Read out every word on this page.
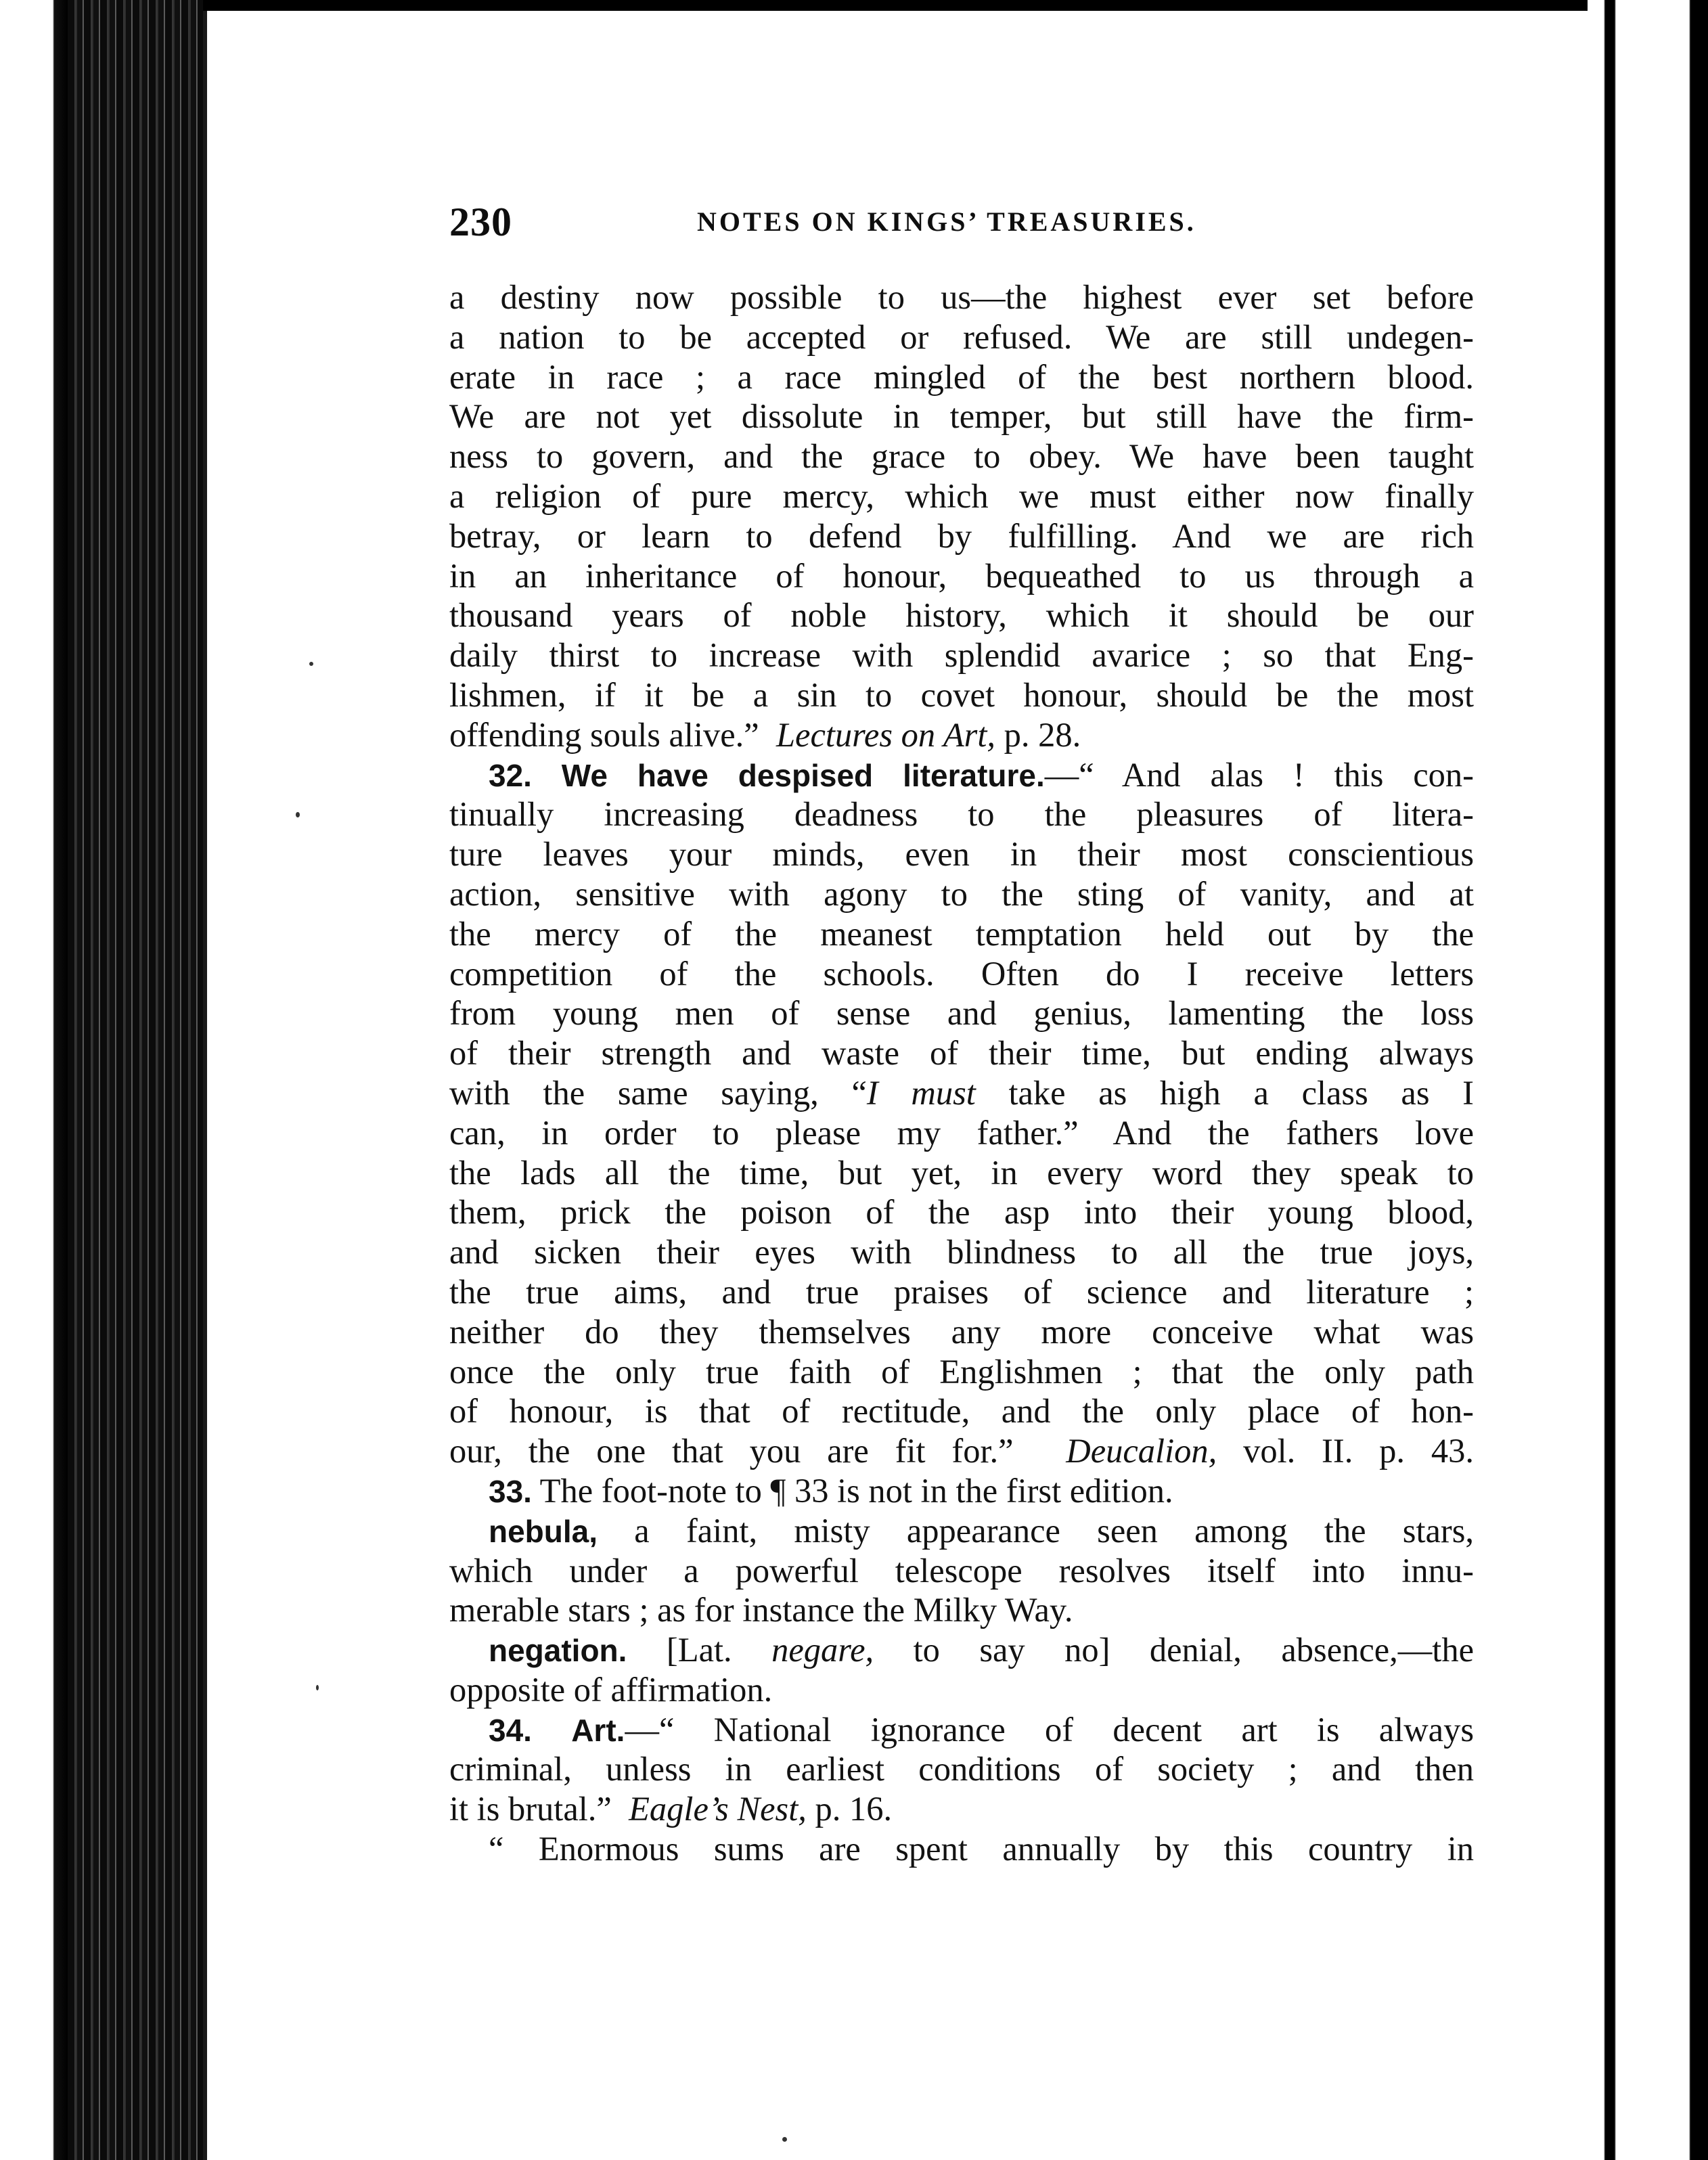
230	NOTES ON KINGS’ TREASURIES.
a destiny now possible to us—the highest ever set before
a nation to be accepted or refused. We are still undegen-
erate in race ; a race mingled of the best northern blood.
We are not yet dissolute in temper, but still have the firm-
ness to govern, and the grace to obey. We have been taught
a religion of pure mercy, which we must either now finally
betray, or learn to defend by fulfilling. And we are rich
in an inheritance of honour, bequeathed to us through a
thousand years of noble history, which it should be our
daily thirst to increase with splendid avarice ; so that Eng-
lishmen, if it be a sin to covet honour, should be the most
offending souls alive.” Lectures on Art, p. 28.
32. We have despised literature.—“ And alas ! this con-
tinually increasing deadness to the pleasures of litera-
ture leaves your minds, even in their most conscientious
action, sensitive with agony to the sting of vanity, and at
the mercy of the meanest temptation held out by the
competition of the schools. Often do I receive letters
from young men of sense and genius, lamenting the loss
of their strength and waste of their time, but ending always
with the same saying, “I must take as high a class as I
can, in order to please my father.” And the fathers love
the lads all the time, but yet, in every word they speak to
them, prick the poison of the asp into their young blood,
and sicken their eyes with blindness to all the true joys,
the true aims, and true praises of science and literature ;
neither do they themselves any more conceive what was
once the only true faith of Englishmen ; that the only path
of honour, is that of rectitude, and the only place of hon-
our, the one that you are fit for.” Deucalion, vol. II. p. 43.
33. The foot-note to ¶ 33 is not in the first edition.
nebula, a faint, misty appearance seen among the stars,
which under a powerful telescope resolves itself into innu-
merable stars ; as for instance the Milky Way.
negation. [Lat. negare, to say no] denial, absence,—the
opposite of affirmation.
34. Art.—“ National ignorance of decent art is always
criminal, unless in earliest conditions of society ; and then
it is brutal.” Eagle’s Nest, p. 16.
“ Enormous sums are spent annually by this country in
